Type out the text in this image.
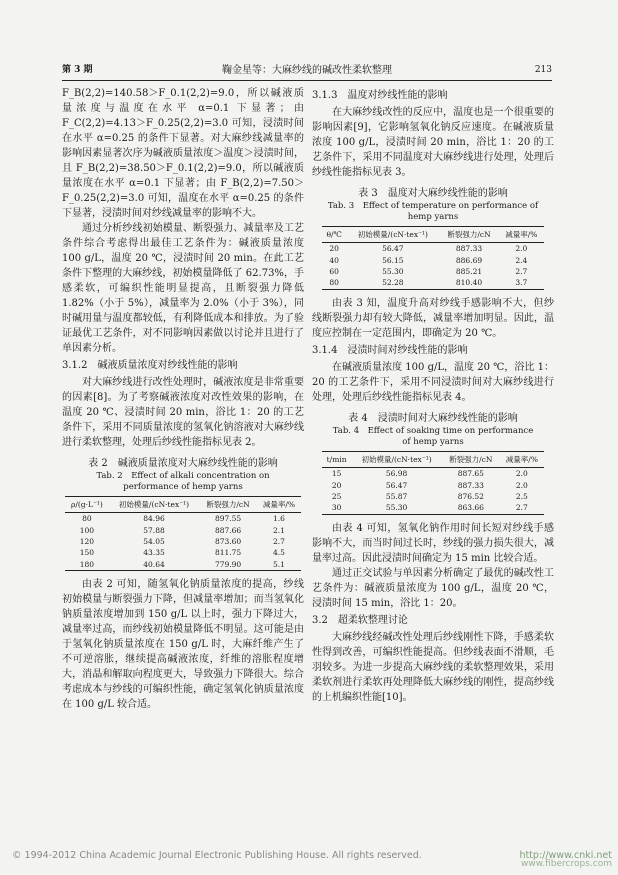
第 3 期	鞠金星等：大麻纱线的碱改性柔软整理	213

F_B(2,2)=140.58＞F_0.1(2,2)=9.0，所以碱液质量浓度与温度在水平 α=0.1 下显著；由 F_C(2,2)=4.13＞F_0.25(2,2)=3.0 可知，浸渍时间在水平 α=0.25 的条件下显著。对大麻纱线减量率的影响因素显著次序为碱液质量浓度＞温度＞浸渍时间，且 F_B(2,2)=38.50＞F_0.1(2,2)=9.0，所以碱液质量浓度在水平 α=0.1 下显著；由 F_B(2,2)=7.50＞F_0.25(2,2)=3.0 可知，温度在水平 α=0.25 的条件下显著，浸渍时间对纱线减量率的影响不大。

通过分析纱线初始模量、断裂强力、减量率及工艺条件综合考虑得出最佳工艺条件为：碱液质量浓度 100 g/L，温度 20 ℃，浸渍时间 20 min。在此工艺条件下整理的大麻纱线，初始模量降低了 62.73%，手感柔软，可编织性能明显提高，且断裂强力降低 1.82%（小于 5%），减量率为 2.0%（小于 3%），同时碱用量与温度都较低，有利降低成本和排放。为了验证最优工艺条件，对不同影响因素做以讨论并且进行了单因素分析。

3.1.2　碱液质量浓度对纱线性能的影响

对大麻纱线进行改性处理时，碱液浓度是非常重要的因素[8]。为了考察碱液浓度对改性效果的影响，在温度 20 ℃、浸渍时间 20 min，浴比 1：20 的工艺条件下，采用不同质量浓度的氢氧化钠溶液对大麻纱线进行柔软整理，处理后纱线性能指标见表 2。

表 2　碱液质量浓度对大麻纱线性能的影响
Tab. 2　Effect of alkali concentration on
performance of hemp yarns
ρ/(g·L⁻¹)	初始模量/(cN·tex⁻¹)	断裂强力/cN	减量率/%
80	84.96	897.55	1.6
100	57.88	887.66	2.1
120	54.05	873.60	2.7
150	43.35	811.75	4.5
180	40.64	779.90	5.1

由表 2 可知，随氢氧化钠质量浓度的提高，纱线初始模量与断裂强力下降，但减量率增加；而当氢氧化钠质量浓度增加到 150 g/L 以上时，强力下降过大，减量率过高，而纱线初始模量降低不明显。这可能是由于氢氧化钠质量浓度在 150 g/L 时，大麻纤维产生了不可逆溶胀，继续提高碱液浓度，纤维的溶胀程度增大，消晶和解取向程度更大，导致强力下降很大。综合考虑成本与纱线的可编织性能，确定氢氧化钠质量浓度在 100 g/L 较合适。

3.1.3　温度对纱线性能的影响

在大麻纱线改性的反应中，温度也是一个很重要的影响因素[9]，它影响氢氧化钠反应速度。在碱液质量浓度 100 g/L，浸渍时间 20 min，浴比 1：20 的工艺条件下，采用不同温度对大麻纱线进行处理，处理后纱线性能指标见表 3。

表 3　温度对大麻纱线性能的影响
Tab. 3　Effect of temperature on performance of
hemp yarns
θ/℃	初始模量/(cN·tex⁻¹)	断裂强力/cN	减量率/%
20	56.47	887.33	2.0
40	56.15	886.69	2.4
60	55.30	885.21	2.7
80	52.28	810.40	3.7

由表 3 知，温度升高对纱线手感影响不大，但纱线断裂强力却有较大降低，减量率增加明显。因此，温度应控制在一定范围内，即确定为 20 ℃。

3.1.4　浸渍时间对纱线性能的影响

在碱液质量浓度 100 g/L，温度 20 ℃，浴比 1：20 的工艺条件下，采用不同浸渍时间对大麻纱线进行处理，处理后纱线性能指标见表 4。

表 4　浸渍时间对大麻纱线性能的影响
Tab. 4　Effect of soaking time on performance
of hemp yarns
t/min	初始模量/(cN·tex⁻¹)	断裂强力/cN	减量率/%
15	56.98	887.65	2.0
20	56.47	887.33	2.0
25	55.87	876.52	2.5
30	55.30	863.66	2.7

由表 4 可知，氢氧化钠作用时间长短对纱线手感影响不大，而当时间过长时，纱线的强力损失很大，减量率过高。因此浸渍时间确定为 15 min 比较合适。

通过正交试验与单因素分析确定了最优的碱改性工艺条件为：碱液质量浓度为 100 g/L，温度 20 ℃，浸渍时间 15 min，浴比 1：20。

3.2　超柔软整理讨论

大麻纱线经碱改性处理后纱线刚性下降，手感柔软性得到改善，可编织性能提高。但纱线表面不滑顺，毛羽较多。为进一步提高大麻纱线的柔软整理效果，采用柔软剂进行柔软再处理降低大麻纱线的刚性，提高纱线的上机编织性能[10]。

© 1994-2012 China Academic Journal Electronic Publishing House. All rights reserved.	http://www.cnki.net
www.fibercrops.com
